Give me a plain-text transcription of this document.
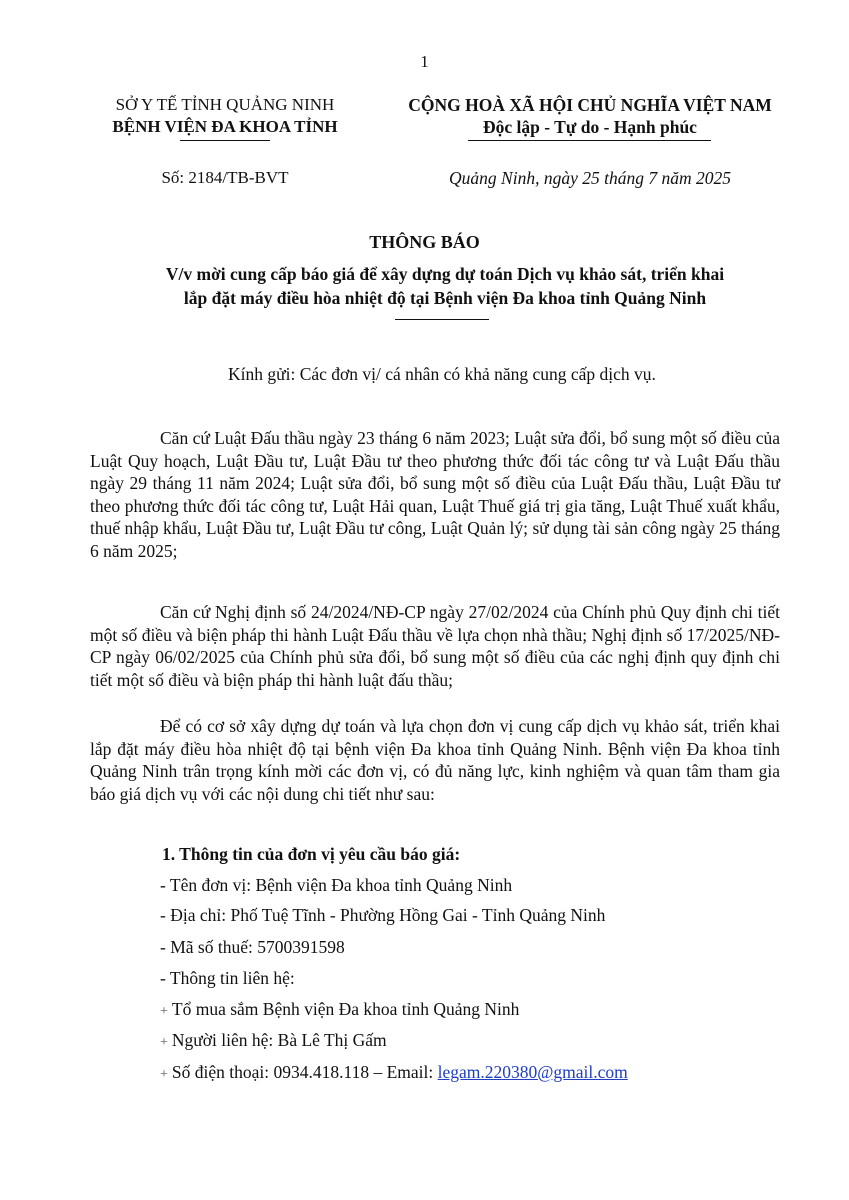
1
SỞ Y TẾ TỈNH QUẢNG NINH
BỆNH VIỆN ĐA KHOA TỈNH
CỘNG HOÀ XÃ HỘI CHỦ NGHĨA VIỆT NAM
Độc lập - Tự do - Hạnh phúc
Số: 2184/TB-BVT	Quảng Ninh, ngày 25 tháng 7 năm 2025
THÔNG BÁO
V/v mời cung cấp báo giá để xây dựng dự toán Dịch vụ khảo sát, triển khai
lắp đặt máy điều hòa nhiệt độ tại Bệnh viện Đa khoa tỉnh Quảng Ninh
Kính gửi: Các đơn vị/ cá nhân có khả năng cung cấp dịch vụ.
Căn cứ Luật Đấu thầu ngày 23 tháng 6 năm 2023; Luật sửa đổi, bổ sung một số điều của Luật Quy hoạch, Luật Đầu tư, Luật Đầu tư theo phương thức đối tác công tư và Luật Đấu thầu ngày 29 tháng 11 năm 2024; Luật sửa đổi, bổ sung một số điều của Luật Đấu thầu, Luật Đầu tư theo phương thức đối tác công tư, Luật Hải quan, Luật Thuế giá trị gia tăng, Luật Thuế xuất khẩu, thuế nhập khẩu, Luật Đầu tư, Luật Đầu tư công, Luật Quản lý; sử dụng tài sản công ngày 25 tháng 6 năm 2025;
Căn cứ Nghị định số 24/2024/NĐ-CP ngày 27/02/2024 của Chính phủ Quy định chi tiết một số điều và biện pháp thi hành Luật Đấu thầu về lựa chọn nhà thầu; Nghị định số 17/2025/NĐ-CP ngày 06/02/2025 của Chính phủ sửa đổi, bổ sung một số điều của các nghị định quy định chi tiết một số điều và biện pháp thi hành luật đấu thầu;
Để có cơ sở xây dựng dự toán và lựa chọn đơn vị cung cấp dịch vụ khảo sát, triển khai lắp đặt máy điều hòa nhiệt độ tại bệnh viện Đa khoa tỉnh Quảng Ninh. Bệnh viện Đa khoa tỉnh Quảng Ninh trân trọng kính mời các đơn vị, có đủ năng lực, kinh nghiệm và quan tâm tham gia báo giá dịch vụ với các nội dung chi tiết như sau:
1. Thông tin của đơn vị yêu cầu báo giá:
- Tên đơn vị: Bệnh viện Đa khoa tỉnh Quảng Ninh
- Địa chỉ: Phố Tuệ Tĩnh - Phường Hồng Gai - Tỉnh Quảng Ninh
- Mã số thuế: 5700391598
- Thông tin liên hệ:
+ Tổ mua sắm Bệnh viện Đa khoa tỉnh Quảng Ninh
+ Người liên hệ: Bà Lê Thị Gấm
+ Số điện thoại: 0934.418.118 – Email: legam.220380@gmail.com
